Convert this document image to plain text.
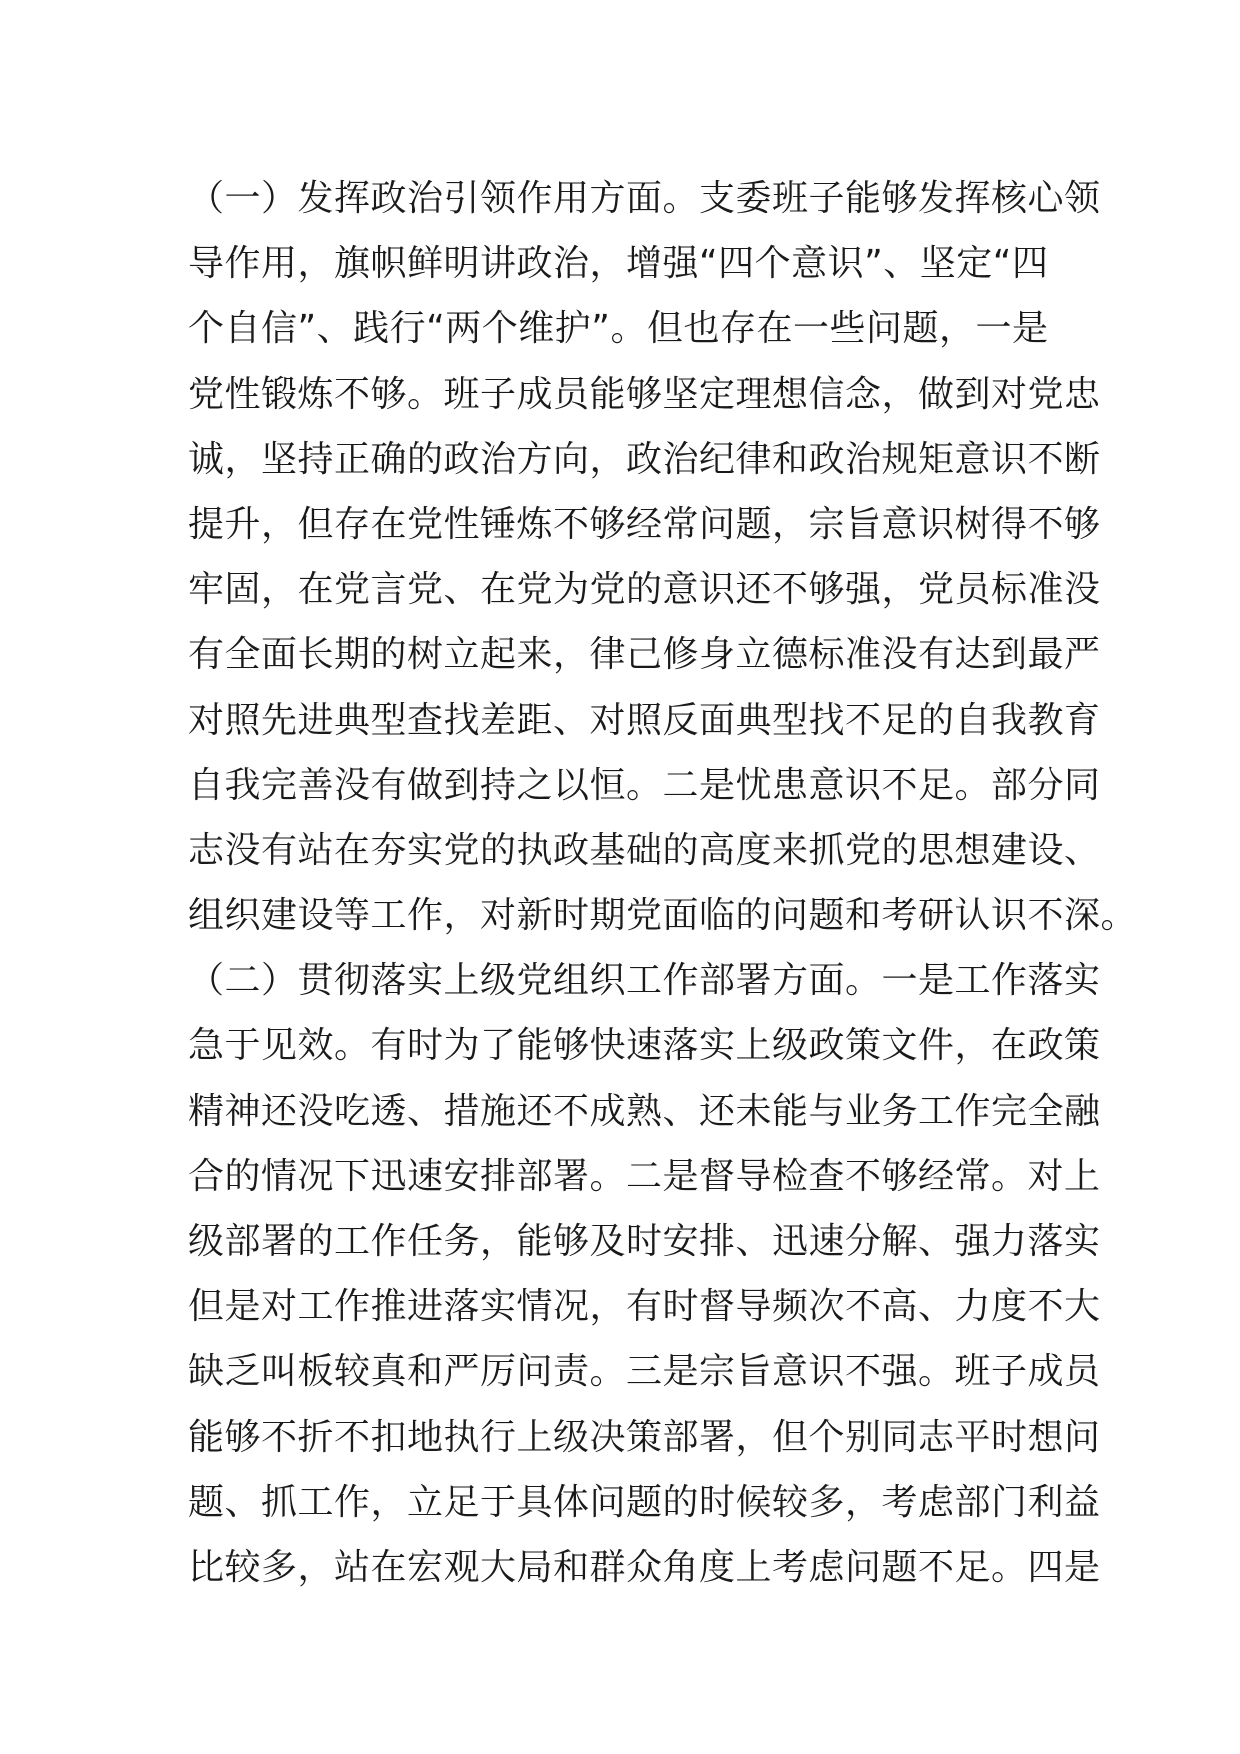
（一）发挥政治引领作用方面。支委班子能够发挥核心领
导作用，旗帜鲜明讲政治，增强“四个意识”、坚定“四
个自信”、践行“两个维护”。但也存在一些问题，一是
党性锻炼不够。班子成员能够坚定理想信念，做到对党忠
诚，坚持正确的政治方向，政治纪律和政治规矩意识不断
提升，但存在党性锤炼不够经常问题，宗旨意识树得不够
牢固，在党言党、在党为党的意识还不够强，党员标准没
有全面长期的树立起来，律己修身立德标准没有达到最严
对照先进典型查找差距、对照反面典型找不足的自我教育
自我完善没有做到持之以恒。二是忧患意识不足。部分同
志没有站在夯实党的执政基础的高度来抓党的思想建设、
组织建设等工作，对新时期党面临的问题和考研认识不深。
（二）贯彻落实上级党组织工作部署方面。一是工作落实
急于见效。有时为了能够快速落实上级政策文件，在政策
精神还没吃透、措施还不成熟、还未能与业务工作完全融
合的情况下迅速安排部署。二是督导检查不够经常。对上
级部署的工作任务，能够及时安排、迅速分解、强力落实
但是对工作推进落实情况，有时督导频次不高、力度不大
缺乏叫板较真和严厉问责。三是宗旨意识不强。班子成员
能够不折不扣地执行上级决策部署，但个别同志平时想问
题、抓工作，立足于具体问题的时候较多，考虑部门利益
比较多，站在宏观大局和群众角度上考虑问题不足。四是
